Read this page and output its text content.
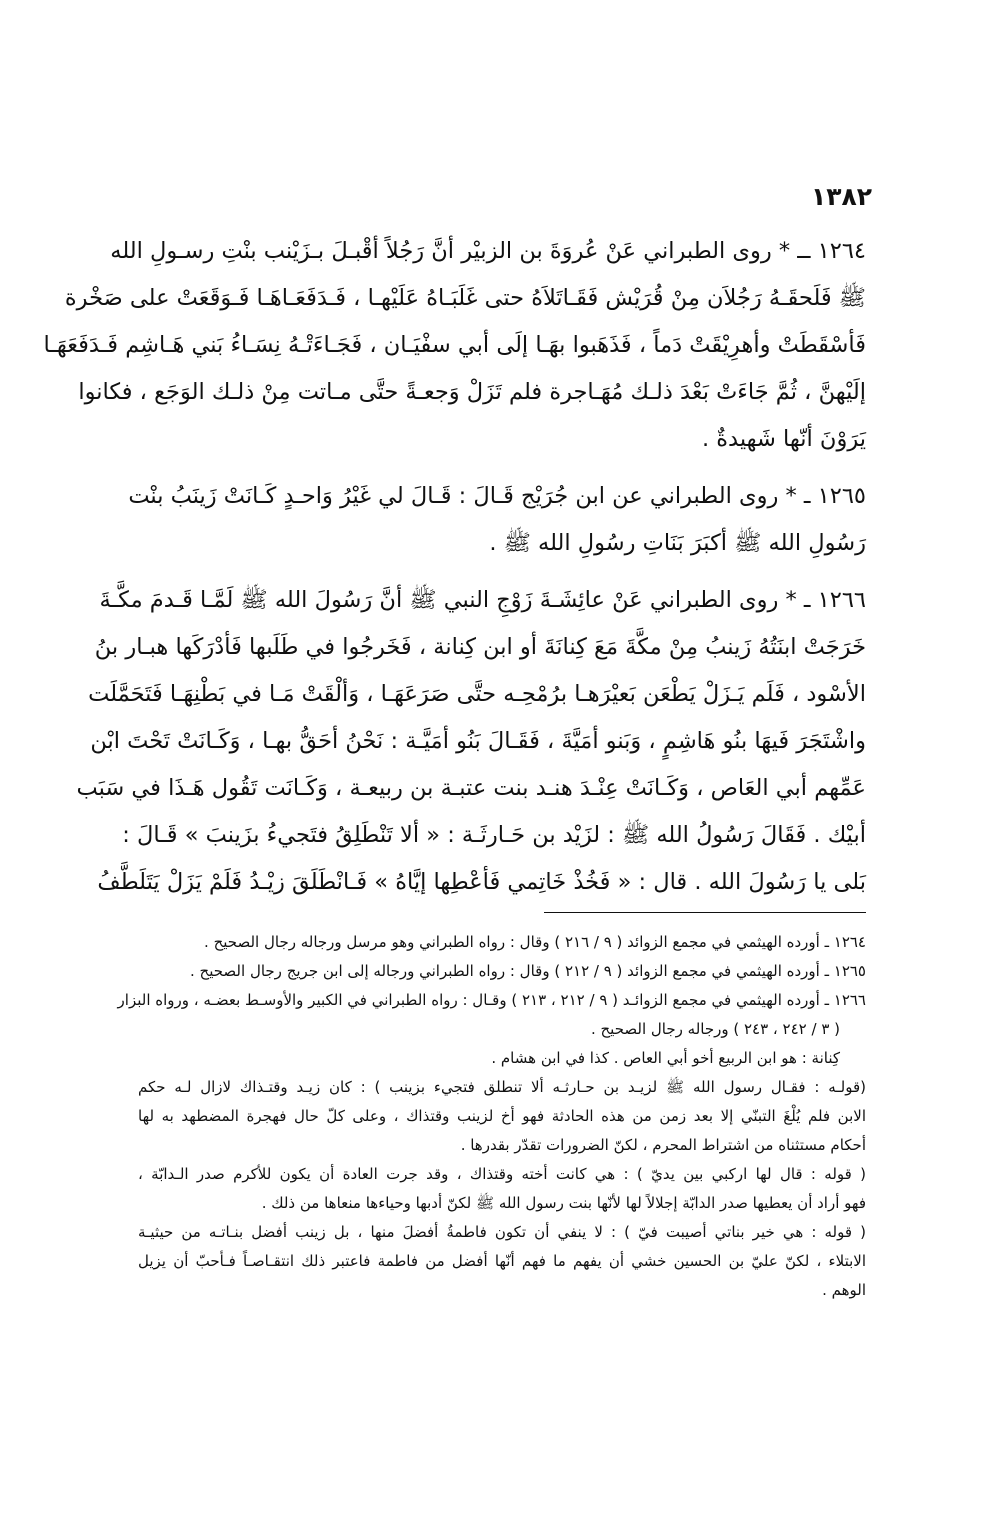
١٣٨٢
١٢٦٤ ــ * روى الطبراني عَنْ عُروَةَ بن الزبيْر أنَّ رَجُلاً أقْبـلَ بـزَيْنب بنْتِ رسـولِ الله
ﷺ فَلَحقَـهُ رَجُلاَن مِنْ قُرَيْش فَقَـاتَلاَهُ حتى غَلَبَـاهُ عَلَيْهـا ، فَـدَفَعَـاهَـا فَـوَقَعَتْ على صَخْرة
فَأسْقَطَتْ وأهرِيْقَتْ دَماً ، فَذَهَبوا بهَـا إلَى أبي سفْيَـان ، فَجَـاءَتْـهُ نِسَـاءُ بَني هَـاشِم فَـدَفَعَهَـا
إلَيْهنَّ ، ثُمَّ جَاءَتْ بَعْدَ ذلـك مُهَـاجرة فلم تَزَلْ وَجعـةً حتَّى مـاتت مِنْ ذلـك الوَجَع ، فكانوا
يَرَوْنَ أنّها شَهيدةٌ .
١٢٦٥ ـ * روى الطبراني عن ابن جُرَيْج قَـالَ : قَـالَ لي غَيْرُ وَاحـدٍ كَـانَتْ زَينَبُ بنْت
رَسُولِ الله ﷺ أكبَرَ بَنَاتِ رسُولِ الله ﷺ .
١٢٦٦ ـ * روى الطبراني عَنْ عائِشَـةَ زَوْجِ النبي ﷺ أنَّ رَسُولَ الله ﷺ لَمَّـا قَـدمَ مكَّـةَ
خَرَجَتْ ابنَتُهُ زَينبُ مِنْ مكَّةَ مَعَ كِنانَةَ أو ابن كِنانة ، فَخَرجُوا في طَلَبها فَأدْرَكَها هبـار بنُ
الأسْود ، فَلَم يَـزَلْ يَطْعَن بَعيْرَهـا برُمْحِـه حتَّى صَرَعَهَـا ، وَألْقَتْ مَـا في بَطْنِهَـا فَتَحَمَّلَت
واشْتَجَرَ فَيهَا بنُو هَاشِمٍ ، وَبَنو أمَيَّةَ ، فَقَـالَ بَنُو أمَيَّـة : نَحْنُ أحَقُّ بهـا ، وَكَـانَتْ تَحْتَ ابْن
عَمِّهم أبي العَاص ، وَكَـانَتْ عِنْـدَ هنـد بنت عتبـة بن ربيعـة ، وَكَـانَت تَقُول هَـذَا في سَبَب
أبيْك . فَقَالَ رَسُولُ الله ﷺ : لزَيْد بن حَـارثَـة : « ألا تَنْطَلِقُ فتَجيءُ بزَينبَ » قَـالَ :
بَلى يا رَسُولَ الله . قال : « فَخُذْ خَاتِمي فَأعْطِها إيَّاهُ » فَـانْطَلَقَ زيْـدُ فَلَمْ يَزَلْ يَتَلَطَّفُ
١٢٦٤ ـ أورده الهيثمي في مجمع الزوائد ( ٩ / ٢١٦ ) وقال : رواه الطبراني وهو مرسل ورجاله رجال الصحيح .
١٢٦٥ ـ أورده الهيثمي في مجمع الزوائد ( ٩ / ٢١٢ ) وقال : رواه الطبراني ورجاله إلى ابن جريج رجال الصحيح .
١٢٦٦ ـ أورده الهيثمي في مجمع الزوائـد ( ٩ / ٢١٢ ، ٢١٣ ) وقـال : رواه الطبراني في الكبير والأوسـط بعضـه ، ورواه البزار
( ٣ / ٢٤٢ ، ٢٤٣ ) ورجاله رجال الصحيح .
كِنانة : هو ابن الربيع أخو أبي العاص . كذا في ابن هشام .
(قولـه : فقـال رسول الله ﷺ لزيـد بن حـارثـه ألا تنطلق فتجيء بزينب ) : كان زيـد وقتـذاك لازال لـه حكم
الابن فلم يُلْغَ التبنّي إلا بعد زمن من هذه الحادثة فهو أخ لزينب وقتذاك ، وعلى كلّ حال فهجرة المضطهد به لها
أحكام مستثناه من اشتراط المحرم ، لكنّ الضرورات تقدّر بقدرها .
( قوله : قال لها اركبي بين يديّ ) : هي كانت أخته وقتذاك ، وقد جرت العادة أن يكون للأكرم صدر الـدابّة ،
فهو أراد أن يعطيها صدر الدابّة إجلالاً لها لأنّها بنت رسول الله ﷺ لكنّ أدبها وحياءها منعاها من ذلك .
( قوله : هي خير بناتي أصيبت فيّ ) : لا ينفي أن تكون فاطمةُ أفضلَ منها ، بل زينب أفضل بنـاتـه من حيثيـة
الابتلاء ، لكنّ عليّ بن الحسين خشي أن يفهم ما فهم أنّها أفضل من فاطمة فاعتبر ذلك انتقـاصـاً فـأحبّ أن يزيل
الوهم .
